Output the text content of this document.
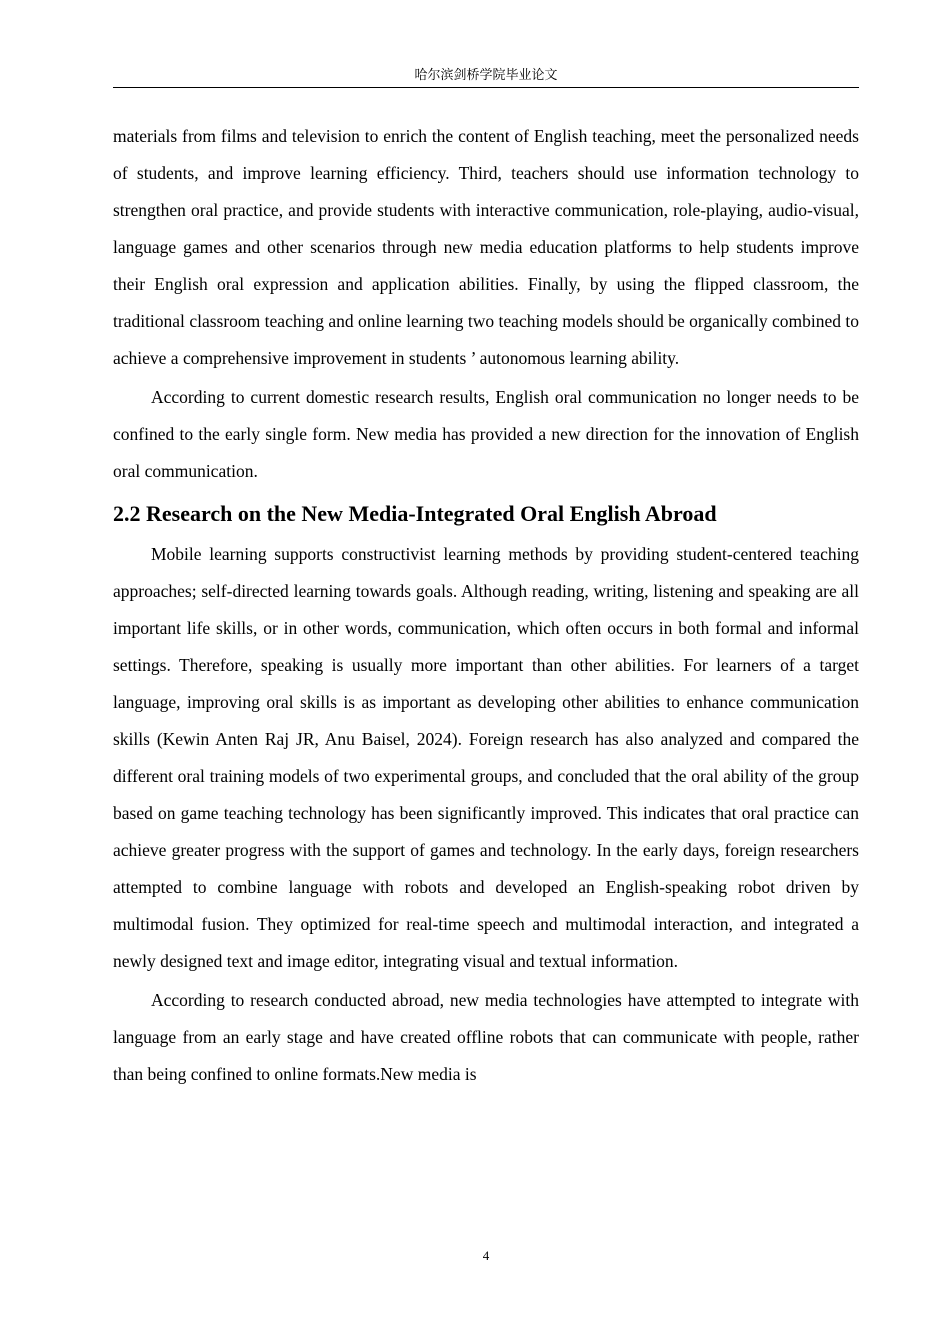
哈尔滨剑桥学院毕业论文

materials from films and television to enrich the content of English teaching, meet the personalized needs of students, and improve learning efficiency. Third, teachers should use information technology to strengthen oral practice, and provide students with interactive communication, role-playing, audio-visual, language games and other scenarios through new media education platforms to help students improve their English oral expression and application abilities. Finally, by using the flipped classroom, the traditional classroom teaching and online learning two teaching models should be organically combined to achieve a comprehensive improvement in students ’ autonomous learning ability.

According to current domestic research results, English oral communication no longer needs to be confined to the early single form. New media has provided a new direction for the innovation of English oral communication.

2.2 Research on the New Media-Integrated Oral English Abroad

Mobile learning supports constructivist learning methods by providing student-centered teaching approaches; self-directed learning towards goals. Although reading, writing, listening and speaking are all important life skills, or in other words, communication, which often occurs in both formal and informal settings. Therefore, speaking is usually more important than other abilities. For learners of a target language, improving oral skills is as important as developing other abilities to enhance communication skills (Kewin Anten Raj JR, Anu Baisel, 2024). Foreign research has also analyzed and compared the different oral training models of two experimental groups, and concluded that the oral ability of the group based on game teaching technology has been significantly improved. This indicates that oral practice can achieve greater progress with the support of games and technology. In the early days, foreign researchers attempted to combine language with robots and developed an English-speaking robot driven by multimodal fusion. They optimized for real-time speech and multimodal interaction, and integrated a newly designed text and image editor, integrating visual and textual information.

According to research conducted abroad, new media technologies have attempted to integrate with language from an early stage and have created offline robots that can communicate with people, rather than being confined to online formats.New media is

4
